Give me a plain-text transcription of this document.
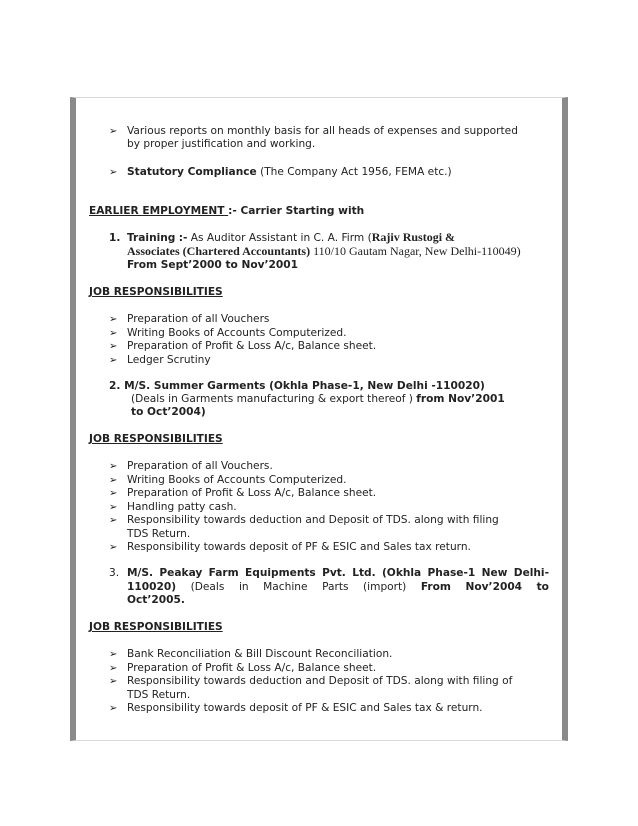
➢ Various reports on monthly basis for all heads of expenses and supported
by proper justification and working.
➢ Statutory Compliance (The Company Act 1956, FEMA etc.)
EARLIER EMPLOYMENT :- Carrier Starting with
1. Training :- As Auditor Assistant in C. A. Firm (Rajiv Rustogi &
Associates (Chartered Accountants) 110/10 Gautam Nagar, New Delhi-110049)
From Sept’2000 to Nov’2001
JOB RESPONSIBILITIES
➢ Preparation of all Vouchers
➢ Writing Books of Accounts Computerized.
➢ Preparation of Profit & Loss A/c, Balance sheet.
➢ Ledger Scrutiny
2. M/S. Summer Garments (Okhla Phase-1, New Delhi -110020)
(Deals in Garments manufacturing & export thereof ) from Nov’2001
to Oct’2004)
JOB RESPONSIBILITIES
➢ Preparation of all Vouchers.
➢ Writing Books of Accounts Computerized.
➢ Preparation of Profit & Loss A/c, Balance sheet.
➢ Handling patty cash.
➢ Responsibility towards deduction and Deposit of TDS. along with filing
TDS Return.
➢ Responsibility towards deposit of PF & ESIC and Sales tax return.
3. M/S. Peakay Farm Equipments Pvt. Ltd. (Okhla Phase-1 New Delhi-
110020) (Deals in Machine Parts (import) From Nov’2004 to
Oct’2005.
JOB RESPONSIBILITIES
➢ Bank Reconciliation & Bill Discount Reconciliation.
➢ Preparation of Profit & Loss A/c, Balance sheet.
➢ Responsibility towards deduction and Deposit of TDS. along with filing of
TDS Return.
➢ Responsibility towards deposit of PF & ESIC and Sales tax & return.
